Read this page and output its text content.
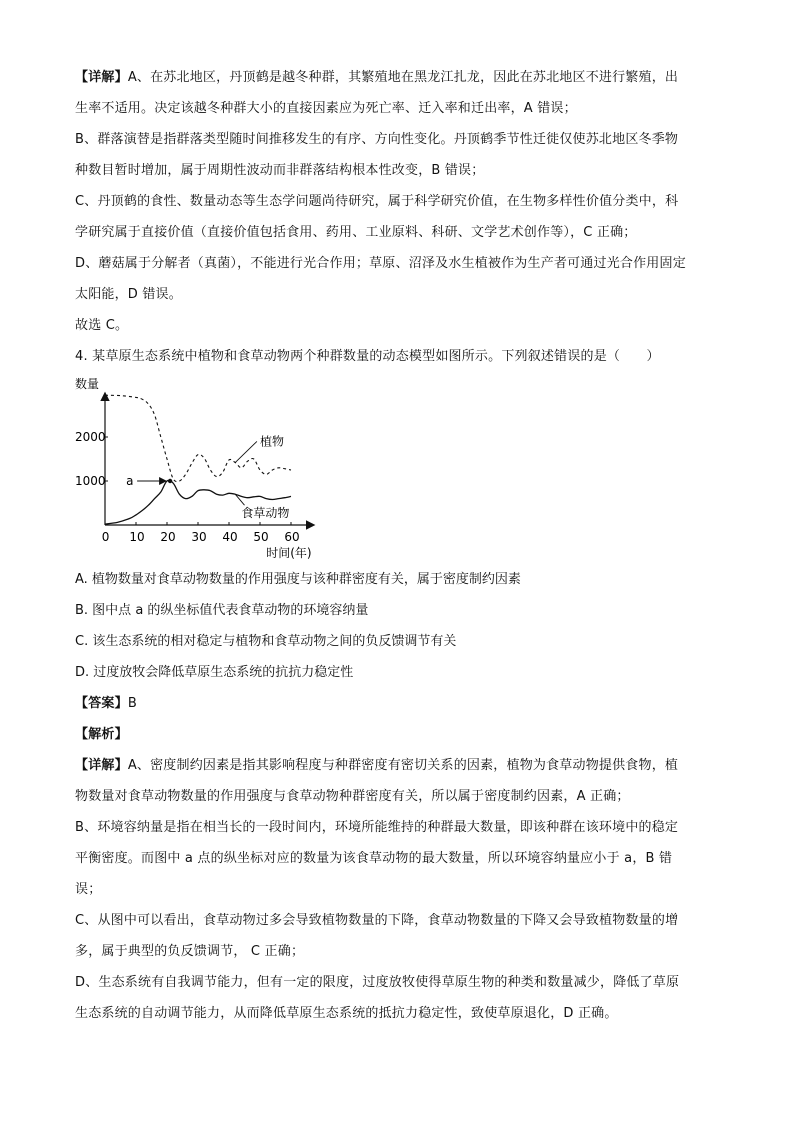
【详解】A、在苏北地区，丹顶鹤是越冬种群，其繁殖地在黑龙江扎龙，因此在苏北地区不进行繁殖，出

生率不适用。决定该越冬种群大小的直接因素应为死亡率、迁入率和迁出率，A 错误；

B、群落演替是指群落类型随时间推移发生的有序、方向性变化。丹顶鹤季节性迁徙仅使苏北地区冬季物

种数目暂时增加，属于周期性波动而非群落结构根本性改变，B 错误；

C、丹顶鹤的食性、数量动态等生态学问题尚待研究，属于科学研究价值，在生物多样性价值分类中，科

学研究属于直接价值（直接价值包括食用、药用、工业原料、科研、文学艺术创作等），C 正确；

D、蘑菇属于分解者（真菌），不能进行光合作用；草原、沼泽及水生植被作为生产者可通过光合作用固定

太阳能，D 错误。

故选 C。

4. 某草原生态系统中植物和食草动物两个种群数量的动态模型如图所示。下列叙述错误的是（　　）

数量
0 10 20 30 40 50 60
1000
2000
a
植物
食草动物
时间(年)

A. 植物数量对食草动物数量的作用强度与该种群密度有关，属于密度制约因素

B. 图中点 a 的纵坐标值代表食草动物的环境容纳量

C. 该生态系统的相对稳定与植物和食草动物之间的负反馈调节有关

D. 过度放牧会降低草原生态系统的抗抗力稳定性

【答案】B

【解析】

【详解】A、密度制约因素是指其影响程度与种群密度有密切关系的因素，植物为食草动物提供食物，植

物数量对食草动物数量的作用强度与食草动物种群密度有关，所以属于密度制约因素，A 正确；

B、环境容纳量是指在相当长的一段时间内，环境所能维持的种群最大数量，即该种群在该环境中的稳定

平衡密度。而图中 a 点的纵坐标对应的数量为该食草动物的最大数量，所以环境容纳量应小于 a，B 错

误；

C、从图中可以看出，食草动物过多会导致植物数量的下降，食草动物数量的下降又会导致植物数量的增

多，属于典型的负反馈调节， C 正确；

D、生态系统有自我调节能力，但有一定的限度，过度放牧使得草原生物的种类和数量减少，降低了草原

生态系统的自动调节能力，从而降低草原生态系统的抵抗力稳定性，致使草原退化，D 正确。
